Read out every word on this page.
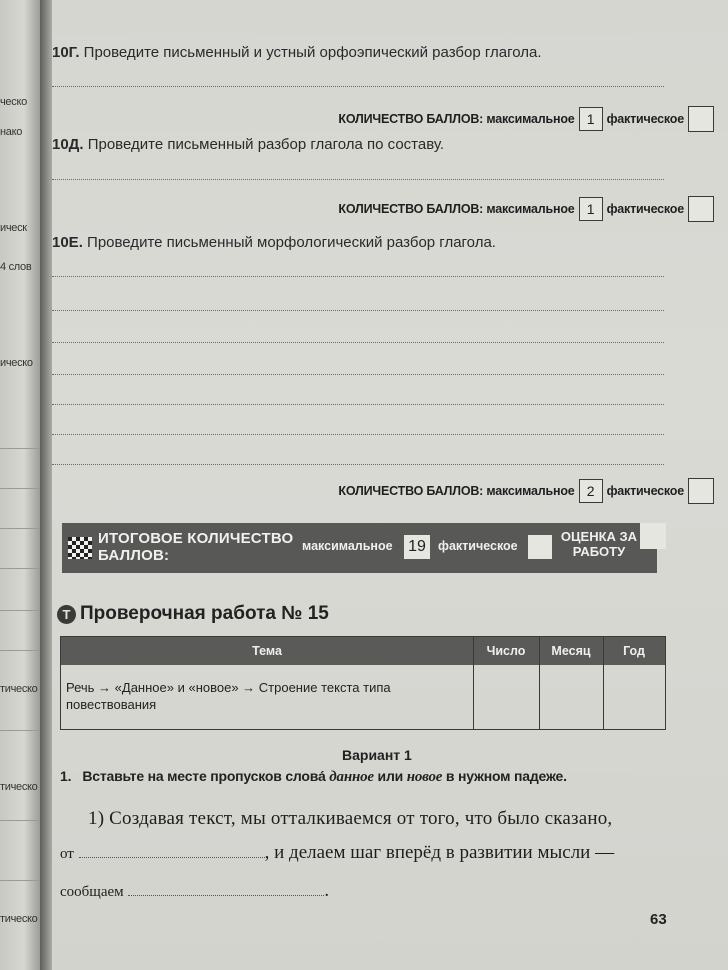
ческо
нако
ическ
4 слов
ическо
тическо
тическо
тическо
10Г. Проведите письменный и устный орфоэпический разбор глагола.
КОЛИЧЕСТВО БАЛЛОВ: максимальное 1 фактическое
10Д. Проведите письменный разбор глагола по составу.
КОЛИЧЕСТВО БАЛЛОВ: максимальное 1 фактическое
10Е. Проведите письменный морфологический разбор глагола.
КОЛИЧЕСТВО БАЛЛОВ: максимальное 2 фактическое
ИТОГОВОЕ КОЛИЧЕСТВО БАЛЛОВ:
максимальное 19 фактическое
ОЦЕНКА ЗА РАБОТУ
Т Проверочная работа № 15
Тема	Число	Месяц	Год
Речь → «Данное» и «новое» → Строение текста типа повествования
Вариант 1
1. Вставьте на месте пропусков слова́ данное или новое в нужном падеже.
1) Создавая текст, мы отталкиваемся от того, что было сказано,
от	, и делаем шаг вперёд в развитии мысли —
сообщаем	.
63
